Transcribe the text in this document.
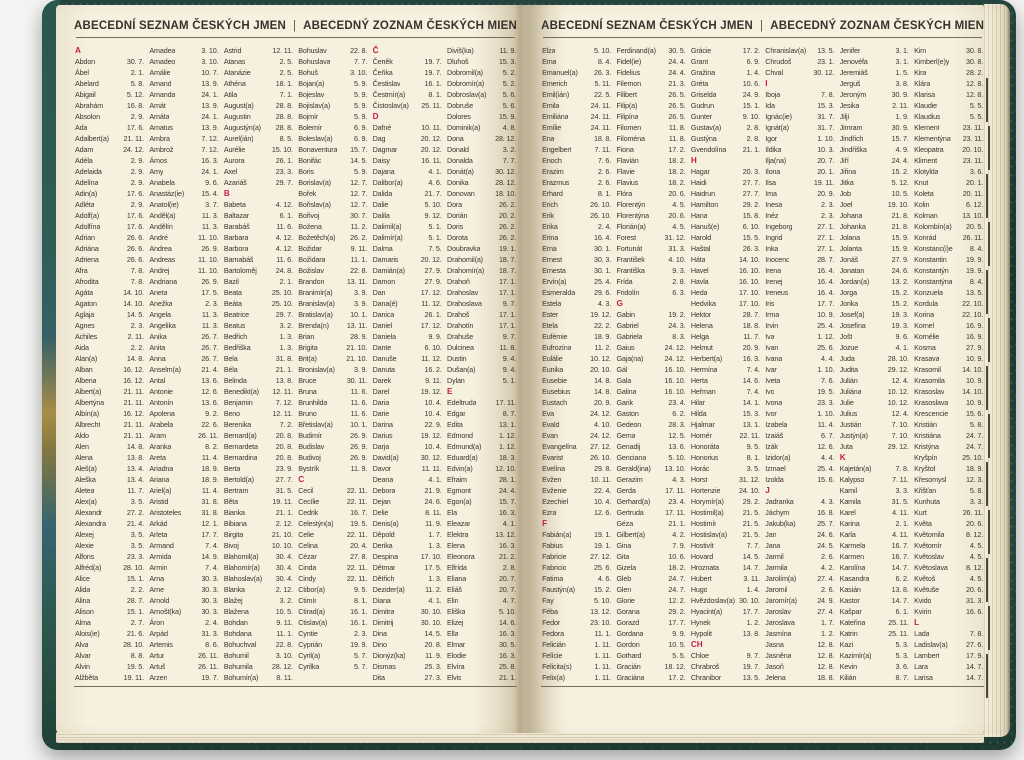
ABECEDNÍ SEZNAM ČESKÝCH JMEN | ABECEDNÝ ZOZNAM ČESKÝCH MIEN
A
Abdon	30. 7.
Ábel	2. 1.
Abelard	5. 8.
Abigail	5. 12.
Abrahám	16. 8.
Absolon	2. 9.
Ada	17. 6.
Adalbert(a) 21. 11.
Adam	24. 12.
Adéla	2. 9.
Adelaida	2. 9.
Adelína	2. 9.
Adin(a)	17. 6.
Adléta	2. 9.
Adolf(a)	17. 6.
Adolfína	17. 6.
Adrian	26. 6.
Adriána	26. 6.
Adriena	26. 6.
Afra	7. 8.
Afrodita	7. 8.
Agáta	14. 10.
Agaton	14. 10.
Aglaja	14. 5.
Agnes	2. 3.
Achiles	2. 11.
Aida	2. 2.
Alan(a)	14. 8.
Alban	16. 12.
Albena	16. 12.
Albert(a)	21. 11.
Albertýna	21. 11.
Albín(a)	16. 12.
Albrecht	21. 11.
Aldo	21. 11.
Alen	14. 8.
Alena	13. 8.
Aleš(a)	13. 4.
Aleška	13. 4.
Aletea	11. 7.
Alex(a)	3. 5.
Alexandr	27. 2.
Alexandra	21. 4.
Alexej	3. 5.
Alexie	3. 5.
Alfons	23. 3.
Alfréd(a)	28. 10.
Alice	15. 1.
Alida	2. 2.
Alina	28. 7.
Alison	15. 1.
Alma	2. 7.
Alois(ie)	21. 6.
Alva	28. 10.
Alvar	8. 8.
Alvin	19. 5.
Alžběta	19. 11.
Amadea	3. 10.
Amadeo	3. 10.
Amálie	10. 7.
Amand	13. 9.
Amanda	24. 1.
Amát	13. 9.
Amáta	24. 1.
Amatus	13. 9.
Ambra	7. 12.
Ambrož	7. 12.
Ámos	16. 3.
Amy	24. 1.
Anabela	9. 6.
Anastáz(ie) 15. 4.
Anatol(ie)	3. 7.
Anděl(a)	11. 3.
Andělín	11. 3.
André	11. 10.
Andrea	26. 9.
Andreas	11. 10.
Andrej	11. 10.
Andriana	26. 9.
Aneta	17. 5.
Anežka	2. 3.
Angela	11. 3.
Angelika	11. 3.
Anika	26. 7.
Anita	26. 7.
Anna	26. 7.
Anselm(a)	21. 4.
Antal	13. 6.
Antonie	12. 6.
Antonín	13. 6.
Apolena	9. 2.
Arabela	22. 6.
Aram	26. 11.
Aranka	8. 2.
Areta	11. 4.
Ariadna	18. 9.
Ariana	18. 9.
Ariel(a)	11. 4.
Aristid	31. 8.
Aristoteles	31. 8.
Arkád	12. 1.
Arleta	17. 7.
Armand	7. 4.
Armida	14. 9.
Armin	7. 4.
Arna	30. 3.
Arne	30. 3.
Arnold	30. 3.
Arnošt(ka)	30. 3.
Áron	2. 4.
Arpád	31. 3.
Artemis	8. 6.
Artur	26. 11.
Artuš	26. 11.
Arzen	19. 7.
Astrid	12. 11.
Atanas	2. 5.
Atanázie	2. 5.
Athéna	18. 1.
Atila	7. 1.
August(a)	28. 8.
Augustin	28. 8.
Augustýn(a) 28. 8.
Aurel(ián)	8. 5.
Aurélie	15. 10.
Aurora	26. 1.
Axel	23. 3.
Azariáš	29. 7.
B
Babeta	4. 12.
Baltazar	6. 1.
Barabáš	11. 6.
Barbara	4. 12.
Barbora	4. 12.
Barnabáš	11. 6.
Bartoloměj	24. 8.
Bazil	2. 1.
Beata	25. 10.
Beáta	25. 10.
Beatrice	29. 7.
Beatus	3. 2.
Bedřich	1. 3.
Bedřiška	1. 3.
Bela	31. 8.
Béla	21. 1.
Belinda	13. 8.
Benedikt(a) 12. 11.
Benjamin	7. 12.
Beno	12. 11.
Berenika	7. 2.
Bernard(a)	20. 8.
Bernardeta 20. 8.
Bernardina	20. 8.
Berta	23. 9.
Bertold(a)	27. 7.
Bertram	31. 5.
Běta	19. 11.
Bianka	21. 1.
Bibiana	2. 12.
Birgita	21. 10.
Bivoj	10. 10.
Blahomil(a) 30. 4.
Blahomír(a) 30. 4.
Blahoslav(a) 30. 4.
Blanka	2. 12.
Blažej	3. 2.
Blažena	10. 5.
Bohdan	9. 11.
Bohdana	11. 1.
Bohuchval	22. 8.
Bohumil	3. 10.
Bohumila	28. 12.
Bohumír(a) 8. 11.
Bohuslav	22. 8.
Bohuslava	7. 7.
Bohuš	3. 10.
Bojan(a)	5. 9.
Bojeslav	5. 9.
Bojislav(a)	5. 9.
Bojmír	5. 9.
Bolemír	6. 9.
Boleslav(a)	6. 9.
Bonaventura 15. 7.
Bonifác	14. 5.
Boris	5. 9.
Borislav(a)	12. 7.
Bořek	12. 7.
Bořislav(a)	12. 7.
Bořivoj	30. 7.
Božena	11. 2.
Božetěch(a) 26. 2.
Božidar	9. 11.
Božidara	11. 1.
Božislav	22. 8.
Brandon	13. 11.
Branimír(a)	3. 9.
Branislav(a)	3. 9.
Bratislav(a) 10. 1.
Brenda(n) 13. 11.
Brian	28. 9.
Brigita	21. 10.
Brit(a)	21. 10.
Bronislav(a)	3. 9.
Bruce	30. 11.
Bruna	11. 6.
Brunhilda	11. 6.
Bruno	11. 6.
Břetislav(a) 10. 1.
Budimír	26. 9.
Budislav	26. 9.
Budivoj	26. 9.
Bystrík	11. 9.
C
Cecil	22. 11.
Cecílie	22. 11.
Cedrik	16. 7.
Celestýn(a) 19. 5.
Celie	22. 11.
Celina	20. 4.
Cézar	27. 8.
Cinda	22. 11.
Cindy	22. 11.
Ctibor(a)	9. 5.
Ctimír	8. 1.
Ctirad(a)	16. 1.
Ctislav(a)	16. 1.
Cyntie	2. 3.
Cyprián	19. 9.
Cyril(a)	5. 7.
Cyrilka	5. 7.
Č
Čeněk	19. 7.
Čeňka	19. 7.
Čestislav	16. 1.
Čestmír(a)	8. 1.
Čistoslav(a) 25. 11.
D
Dafné	10. 11.
Dag	20. 12.
Dagmar	20. 12.
Daisy	16. 11.
Dajana	4. 1.
Dalibor(a)	4. 6.
Dalida	21. 7.
Dalie	5. 10.
Dalila	9. 12.
Dalimil(a)	5. 1.
Dalimír(a)	5. 1.
Dalma	7. 5.
Damaris	20. 12.
Damián(a)	27. 9.
Damon	27. 9.
Dan	17. 12.
Dana(é)	11. 12.
Danica	26. 1.
Daniel	17. 12.
Daniela	9. 9.
Dante	6. 10.
Danuše	11. 12.
Danuta	16. 2.
Darek	9. 11.
Darel	19. 12.
Daria	10. 4.
Darie	10. 4.
Darina	22. 9.
Darius	19. 12.
Darja	10. 4.
David(a)	30. 12.
Davor	11. 11.
Deana	4. 1.
Debora	21. 9.
Dejan	24. 6.
Delie	8. 11.
Denis(a)	11. 9.
Děpold	1. 7.
Derika	1. 3.
Despina	17. 10.
Dětmar	17. 5.
Dětřich	1. 3.
Dezider(a)	11. 2.
Diana	4. 1.
Dimitra	30. 10.
Dimitrij	30. 10.
Dina	14. 5.
Dino	20. 8.
Dionýz(ka)	11. 9.
Dismas	25. 3.
Dita	27. 3.
Diviš(ka)	11. 9.
Dluhoš	15. 3.
Dobromil(a)	5. 2.
Dobromír(a)	5. 2.
Dobroslav(a) 5. 6.
Dobruše	5. 6.
Dolores	15. 9.
Dominik(a)	4. 8.
Dona	28. 12.
Donald	3. 2.
Donalda	7. 7.
Donát(a)	30. 12.
Donika	28. 12.
Donovan	18. 10.
Dora	26. 2.
Dorián	20. 2.
Doris	26. 2.
Dorota	26. 2.
Doubravka	19. 1.
Drahomil(a) 18. 7.
Drahomír(a) 18. 7.
Drahoň	17. 1.
Drahoslav	17. 1.
Drahoslava	9. 7.
Drahoš	17. 1.
Drahotín	17. 1.
Drahuše	9. 7.
Dulcinea	11. 8.
Dustin	9. 4.
Dušan(a)	9. 4.
Dylan	5. 1.
E
Edeltruda	17. 11.
Edgar	8. 7.
Edita	13. 1.
Edmond	1. 12.
Edmund(a) 1. 12.
Eduard(a)	18. 3.
Edvin(a)	12. 10.
Efraim	28. 1.
Egmont	24. 4.
Egon(a)	15. 7.
Ela	16. 3.
Eleazar	4. 1.
Elektra	13. 12.
Elena	16. 3.
Eleonora	21. 2.
Elfrída	2. 8.
Eliana	20. 7.
Eliáš	20. 7.
Elin	4. 7.
Eliška	5. 10.
Elizej	14. 6.
Ella	16. 3.
Elmar	30. 5.
Elodie	16. 3.
Elvíra	25. 8.
Elvis	21. 1.
ABECEDNÍ SEZNAM ČESKÝCH JMEN | ABECEDNÝ ZOZNAM ČESKÝCH MIEN
Elza	5. 10.
Ema	8. 4.
Emanuel(a) 26. 3.
Emerich	5. 11.
Emil(ián)	22. 5.
Emila	24. 11.
Emiliána	24. 11.
Emílie	24. 11.
Ena	18. 8.
Engelbert	7. 11.
Enoch	7. 6.
Erazim	2. 6.
Erazmus	2. 6.
Erhard	8. 1.
Erich	26. 10.
Erik	26. 10.
Erika	2. 4.
Erina	16. 4.
Erna	30. 1.
Ernest	30. 3.
Ernesta	30. 1.
Ervín(a)	25. 4.
Esmeralda	29. 6.
Estela	4. 3.
Ester	19. 12.
Etela	22. 2.
Eufémie	18. 9.
Eufrozína	11. 2.
Eulálie	10. 12.
Eunika	20. 10.
Eusebie	14. 8.
Eusebius	14. 8.
Eustach	20. 9.
Eva	24. 12.
Evald	4. 10.
Evan	24. 12.
Evangelína 27. 12.
Evarist	26. 10.
Evelína	29. 8.
Evžen	10. 11.
Evženie	22. 4.
Ezechiel	10. 4.
Ezra	12. 6.
F
Fabián(a)	19. 1.
Fabius	19. 1.
Fabricie	27. 12.
Fabricio	25. 6.
Fatima	4. 6.
Faustýn(a)	15. 2.
Fay	5. 10.
Féba	13. 12.
Fedor	23. 10.
Fedora	11. 1.
Felicián	1. 11.
Felície	1. 11.
Felicita(s)	1. 11.
Felix(a)	1. 11.
Ferdinand(a) 30. 5.
Fidel(ie)	24. 4.
Fidelius	24. 4.
Filemon	21. 3.
Filibert	26. 5.
Filip(a)	26. 5.
Filipína	26. 5.
Filomen	11. 8.
Filoména	11. 8.
Fiona	17. 2.
Flavián	18. 2.
Flavie	18. 2.
Flavius	18. 2.
Flóra	20. 6.
Florentýn	4. 5.
Florentýna	20. 6.
Florián(a)	4. 5.
Forest	31. 12.
Fortunát	31. 3.
František	4. 10.
Františka	9. 3.
Frída	2. 8.
Fridolín	6. 3.
G
Gabin	19. 2.
Gabriel	24. 3.
Gabriela	8. 3.
Gaius	24. 12.
Gaja(na)	24. 12.
Gál	16. 10.
Gala	16. 10.
Galina	16. 10.
Garik	23. 4.
Gaston	6. 2.
Gedeon	28. 3.
Gema	12. 5.
Genadij	13. 6.
Genciana	5. 10.
Gerald(ina) 13. 10.
Gerazim	4. 3.
Gerda	17. 11.
Gerhard(a)	23. 4.
Gertruda	17. 11.
Géza	21. 1.
Gilbert(a)	4. 2.
Gina	7. 9.
Gita	10. 6.
Gizela	18. 2.
Gleb	24. 7.
Glen	24. 7.
Glorie	12. 2.
Gorana	29. 2.
Gorazd	17. 7.
Gordana	9. 9.
Gordon	10. 5.
Gothard	5. 5.
Gracián	18. 12.
Graciána	17. 2.
Grácie	17. 2.
Grant	6. 9.
Gražina	1. 4.
Gréta	10. 6.
Griselda	24. 9.
Gudrun	15. 1.
Gunter	9. 10.
Gustav(a)	2. 8.
Gustýna	2. 8.
Gvendolína 21. 1.
H
Hagar	20. 3.
Haidi	27. 7.
Haidrun	27. 7.
Hamilton	29. 2.
Hana	15. 8.
Hanuš(e)	6. 10.
Harold	15. 5.
Haštal	26. 3.
Háta	14. 10.
Havel	16. 10.
Havla	16. 10.
Heda	17. 10.
Hedvika	17. 10.
Hektor	28. 7.
Helena	18. 8.
Helga	11. 7.
Helmut	20. 9.
Herbert(a)	16. 3.
Hermína	7. 4.
Herta	14. 6.
Heřman	7. 4.
Hilar	14. 1.
Hilda	15. 3.
Hjalmar	13. 1.
Homér	22. 11.
Honoráta	9. 5.
Honorius	8. 1.
Horác	3. 5.
Horst	31. 12.
Hortenzie	24. 10.
Horymír(a)	29. 2.
Hostimil(a)	21. 5.
Hostimír	21. 5.
Hostislav(a) 21. 5.
Hostivít	7. 7.
Hovard	14. 5.
Hroznata	14. 7.
Hubert	3. 11.
Hugo	1. 4.
Hvězdoslav(a) 30. 10.
Hyacint(a)	17. 7.
Hynek	1. 2.
Hypolit	13. 8.
CH
Chloe	9. 7.
Chrabroš	19. 7.
Chranibor	13. 5.
Chranislav(a) 13. 5.
Chrudoš	23. 1.
Chval	30. 12.
I
Iboja	7. 8.
Ida	15. 3.
Ignác(ie)	31. 7.
Ignát(a)	31. 7.
Igor	1. 10.
Ildika	10. 3.
Ilja(na)	20. 7.
Ilona	20. 1.
Ilsa	19. 11.
Ima	20. 9.
Inesa	2. 3.
Inéz	2. 3.
Ingeborg	27. 1.
Ingrid	27. 1.
Inka	27. 1.
Inocenc	28. 7.
Irena	16. 4.
Irenej	16. 4.
Ireneus	16. 4.
Iris	17. 7.
Irma	10. 9.
Irvin	25. 4.
Iva	1. 12.
Ivan	25. 6.
Ivana	4. 4.
Ivar	1. 10.
Iveta	7. 6.
Ivo	19. 5.
Ivona	23. 3.
Ivor	1. 10.
Izabela	11. 4.
Izaiáš	6. 7.
Izák	12. 6.
Izidor(a)	4. 4.
Izmael	25. 4.
Izolda	15. 6.
J
Jadranka	4. 3.
Jáchym	16. 8.
Jakub(ka)	25. 7.
Jan	24. 6.
Jana	24. 5.
Jarmil	2. 6.
Jarmila	4. 2.
Jarolím(a)	27. 4.
Jaromil	2. 6.
Jaromír(a)	24. 9.
Jaroslav	27. 4.
Jaroslava	1. 7.
Jasmína	1. 2.
Jasna	12. 8.
Jasněna	12. 8.
Jasoň	12. 8.
Jelena	18. 8.
Jenifer	3. 1.
Jenovéfa	3. 1.
Jeremiáš	1. 5.
Jerguš	3. 8.
Jeroným	30. 9.
Jesika	2. 11.
Jiljí	1. 9.
Jimram	30. 9.
Jindřich	15. 7.
Jindřiška	4. 9.
Jiří	24. 4.
Jiřina	15. 2.
Jitka	5. 12.
Job	10. 5.
Joel	19. 10.
Johana	21. 8.
Johanka	21. 8.
Jolana	15. 9.
Jolanta	15. 9.
Jonáš	27. 9.
Jonatan	24. 6.
Jordan(a)	13. 2.
Jorga	15. 2.
Jorika	15. 2.
Josef(a)	19. 3.
Josefína	19. 3.
Jošt	9. 6.
Jozue	4. 1.
Juda	28. 10.
Judita	29. 12.
Julián	12. 4.
Juliána	10. 12.
Julie	10. 12.
Julius	12. 4.
Justián	7. 10.
Justýn(a)	7. 10.
Juta	29. 12.
K
Kajetán(a)	7. 8.
Kalypso	7. 11.
Kamil	3. 3.
Kamila	31. 5.
Karel	4. 11.
Karina	2. 1.
Karla	4. 11.
Karmela	16. 7.
Karmen	16. 7.
Karolína	14. 7.
Kasandra	6. 2.
Kasián	13. 8.
Kastor	14. 7.
Kašpar	6. 1.
Kateřina	25. 11.
Katrin	25. 11.
Kazi	5. 3.
Kazimír(a)	5. 3.
Kevin	3. 6.
Kilián	8. 7.
Kim	30. 8.
Kimberl(e)y 30. 8.
Kira	28. 2.
Klára	12. 8.
Klarisa	12. 8.
Klaudie	5. 5.
Klaudius	5. 5.
Klement	23. 11.
Klementýna 23. 11.
Kleopatra	20. 10.
Kliment	23. 11.
Klotylda	3. 6.
Knut	20. 1.
Koleta	20. 11.
Kolin	6. 12.
Kolman	13. 10.
Kolombín(a) 20. 5.
Konrád	26. 11.
Konstanc(i)e 8. 4.
Konstantin	19. 9.
Konstantýn 19. 9.
Konstantýna 8. 4.
Konzuela	13. 5.
Kordula	22. 10.
Korina	22. 10.
Kornel	16. 9.
Kornélie	16. 9.
Kosma	27. 9.
Krasava	10. 9.
Krasomil	14. 10.
Krasomila	10. 9.
Krasoslav 14. 10.
Krasoslava 10. 9.
Krescencie 15. 6.
Kristián	5. 8.
Kristiána	24. 7.
Kristýna	24. 7.
Kryšpín	25. 10.
Kryštof	18. 9.
Křesomysl	12. 3.
Křišťan	5. 8.
Kunhuta	3. 3.
Kurt	26. 11.
Květa	20. 6.
Květomila	8. 12.
Květomír	4. 5.
Květoslav	4. 5.
Květoslava	8. 12.
Květoš	4. 5.
Květuše	20. 6.
Kvido	31. 3.
Kvirin	16. 6.
L
Lada	7. 8.
Ladislav(a)	27. 6.
Lambert	17. 9.
Lara	14. 7.
Larisa	14. 7.
